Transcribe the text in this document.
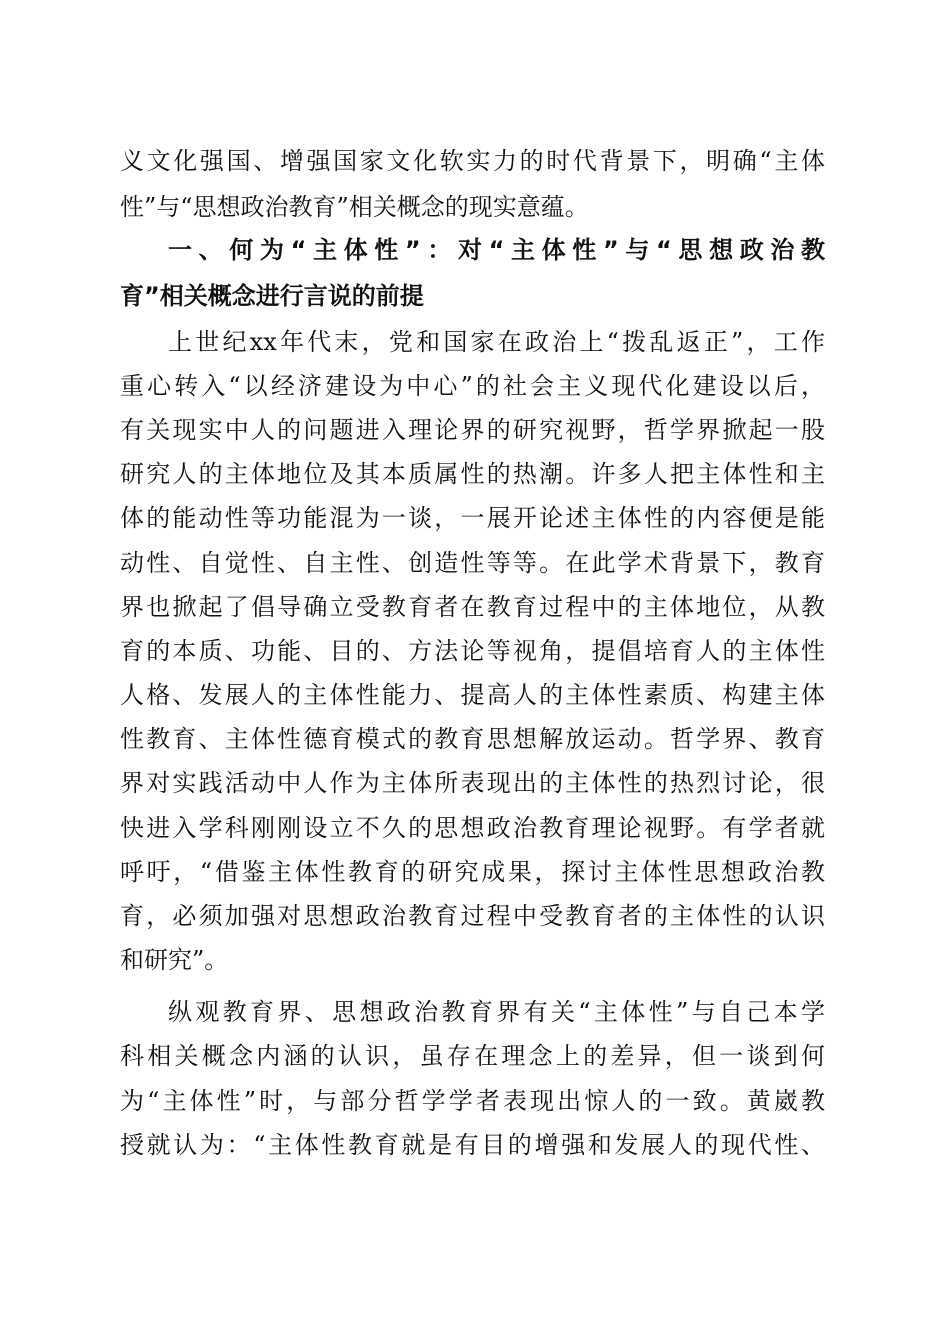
义文化强国、增强国家文化软实力的时代背景下，明确“主体
性”与“思想政治教育”相关概念的现实意蕴。
一、何为“主体性”：对“主体性”与“思想政治教
育”相关概念进行言说的前提
上世纪xx年代末，党和国家在政治上“拨乱返正”，工作
重心转入“以经济建设为中心”的社会主义现代化建设以后，
有关现实中人的问题进入理论界的研究视野，哲学界掀起一股
研究人的主体地位及其本质属性的热潮。许多人把主体性和主
体的能动性等功能混为一谈，一展开论述主体性的内容便是能
动性、自觉性、自主性、创造性等等。在此学术背景下，教育
界也掀起了倡导确立受教育者在教育过程中的主体地位，从教
育的本质、功能、目的、方法论等视角，提倡培育人的主体性
人格、发展人的主体性能力、提高人的主体性素质、构建主体
性教育、主体性德育模式的教育思想解放运动。哲学界、教育
界对实践活动中人作为主体所表现出的主体性的热烈讨论，很
快进入学科刚刚设立不久的思想政治教育理论视野。有学者就
呼吁，“借鉴主体性教育的研究成果，探讨主体性思想政治教
育，必须加强对思想政治教育过程中受教育者的主体性的认识
和研究”。
纵观教育界、思想政治教育界有关“主体性”与自己本学
科相关概念内涵的认识，虽存在理念上的差异，但一谈到何
为“主体性”时，与部分哲学学者表现出惊人的一致。黄崴教
授就认为：“主体性教育就是有目的增强和发展人的现代性、
